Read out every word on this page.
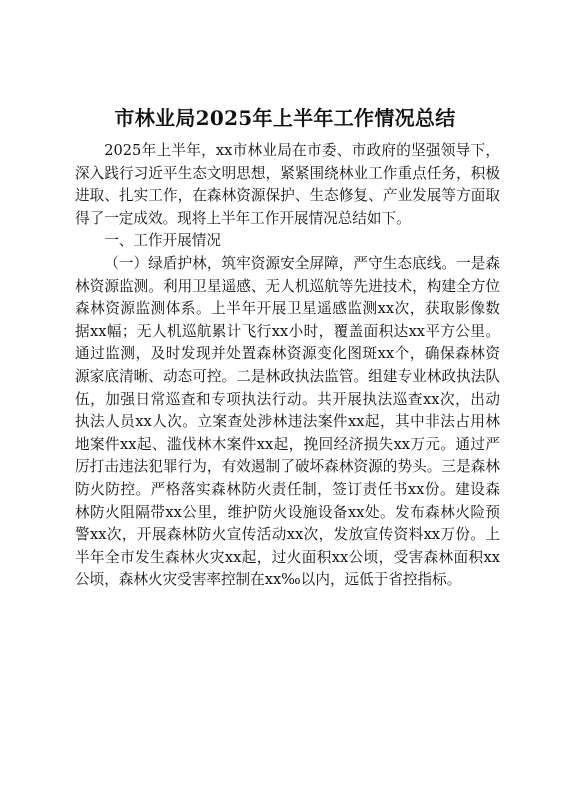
市林业局2025年上半年工作情况总结

2025年上半年，xx市林业局在市委、市政府的坚强领导下，深入践行习近平生态文明思想，紧紧围绕林业工作重点任务，积极进取、扎实工作，在森林资源保护、生态修复、产业发展等方面取得了一定成效。现将上半年工作开展情况总结如下。

一、工作开展情况

（一）绿盾护林，筑牢资源安全屏障，严守生态底线。一是森林资源监测。利用卫星遥感、无人机巡航等先进技术，构建全方位森林资源监测体系。上半年开展卫星遥感监测xx次，获取影像数据xx幅；无人机巡航累计飞行xx小时，覆盖面积达xx平方公里。通过监测，及时发现并处置森林资源变化图斑xx个，确保森林资源家底清晰、动态可控。二是林政执法监管。组建专业林政执法队伍，加强日常巡查和专项执法行动。共开展执法巡查xx次，出动执法人员xx人次。立案查处涉林违法案件xx起，其中非法占用林地案件xx起、滥伐林木案件xx起，挽回经济损失xx万元。通过严厉打击违法犯罪行为，有效遏制了破坏森林资源的势头。三是森林防火防控。严格落实森林防火责任制，签订责任书xx份。建设森林防火阻隔带xx公里，维护防火设施设备xx处。发布森林火险预警xx次，开展森林防火宣传活动xx次，发放宣传资料xx万份。上半年全市发生森林火灾xx起，过火面积xx公顷，受害森林面积xx公顷，森林火灾受害率控制在xx‰以内，远低于省控指标。
